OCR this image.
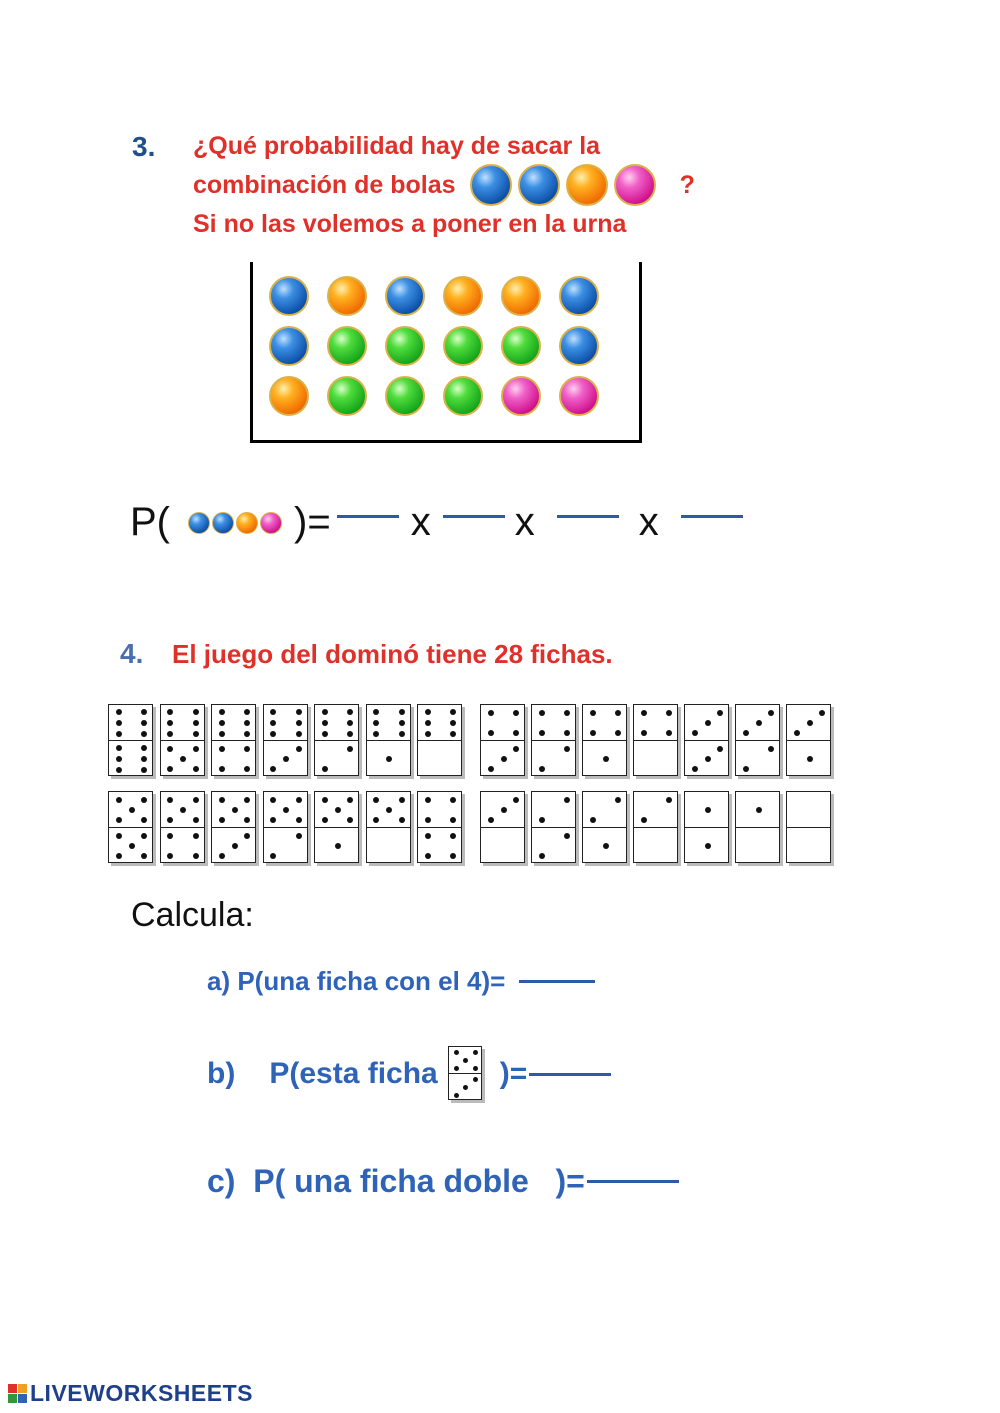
3. ¿Qué probabilidad hay de sacar la
combinación de bolas	?
Si no las volemos a poner en la urna
P(	)= x x	x
4. El juego del dominó tiene 28 fichas.
Calcula:
a) P(una ficha con el 4)=
b) P(esta ficha )=
c)  P( una ficha doble   )=
LIVEWORKSHEETS
